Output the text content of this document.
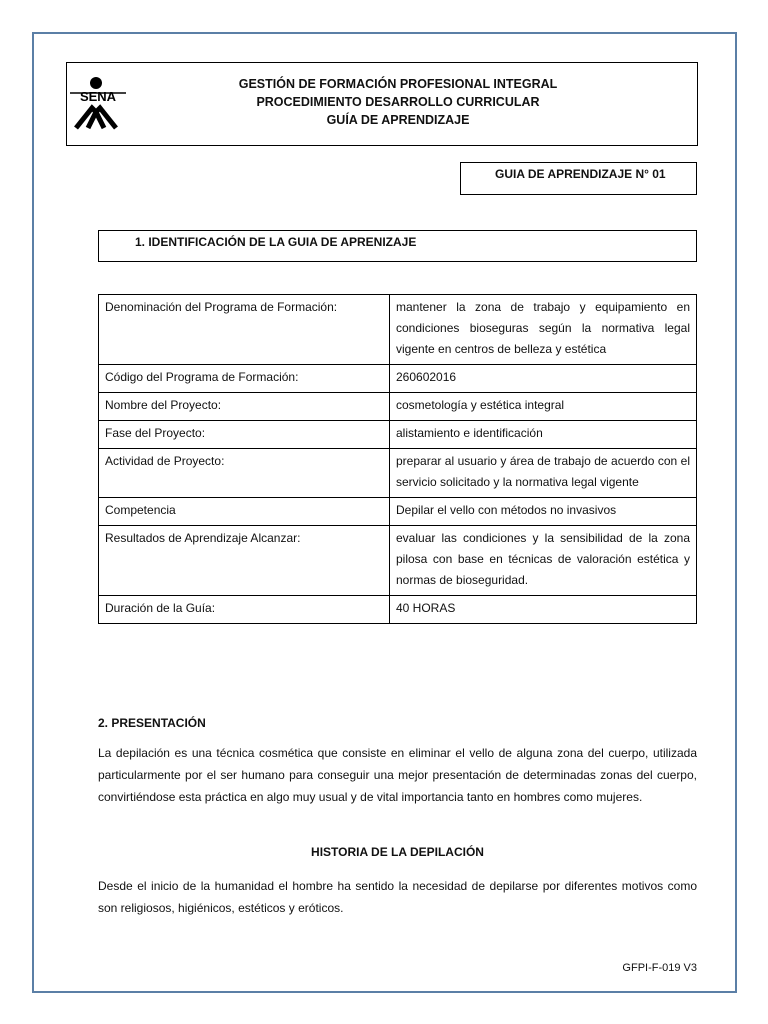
SENA
GESTIÓN DE FORMACIÓN PROFESIONAL INTEGRAL
PROCEDIMIENTO DESARROLLO CURRICULAR
GUÍA DE APRENDIZAJE
GUIA DE APRENDIZAJE N° 01
1. IDENTIFICACIÓN DE LA GUIA DE APRENIZAJE
Denominación del Programa de Formación:	mantener la zona de trabajo y equipamiento en condiciones bioseguras según la normativa legal vigente en centros de belleza y estética
Código del Programa de Formación:	260602016
Nombre del Proyecto:	cosmetología y estética integral
Fase del Proyecto:	alistamiento e identificación
Actividad de Proyecto:	preparar al usuario y área de trabajo de acuerdo con el servicio solicitado y la normativa legal vigente
Competencia	Depilar el vello con métodos no invasivos
Resultados de Aprendizaje Alcanzar:	evaluar las condiciones y la sensibilidad de la zona pilosa con base en técnicas de valoración estética y normas de bioseguridad.
Duración de la Guía:	40 HORAS
2. PRESENTACIÓN
La depilación es una técnica cosmética que consiste en eliminar el vello de alguna zona del cuerpo, utilizada particularmente por el ser humano para conseguir una mejor presentación de determinadas zonas del cuerpo, convirtiéndose esta práctica en algo muy usual y de vital importancia tanto en hombres como mujeres.
HISTORIA DE LA DEPILACIÓN
Desde el inicio de la humanidad el hombre ha sentido la necesidad de depilarse por diferentes motivos como son religiosos, higiénicos, estéticos y eróticos.
GFPI-F-019 V3
